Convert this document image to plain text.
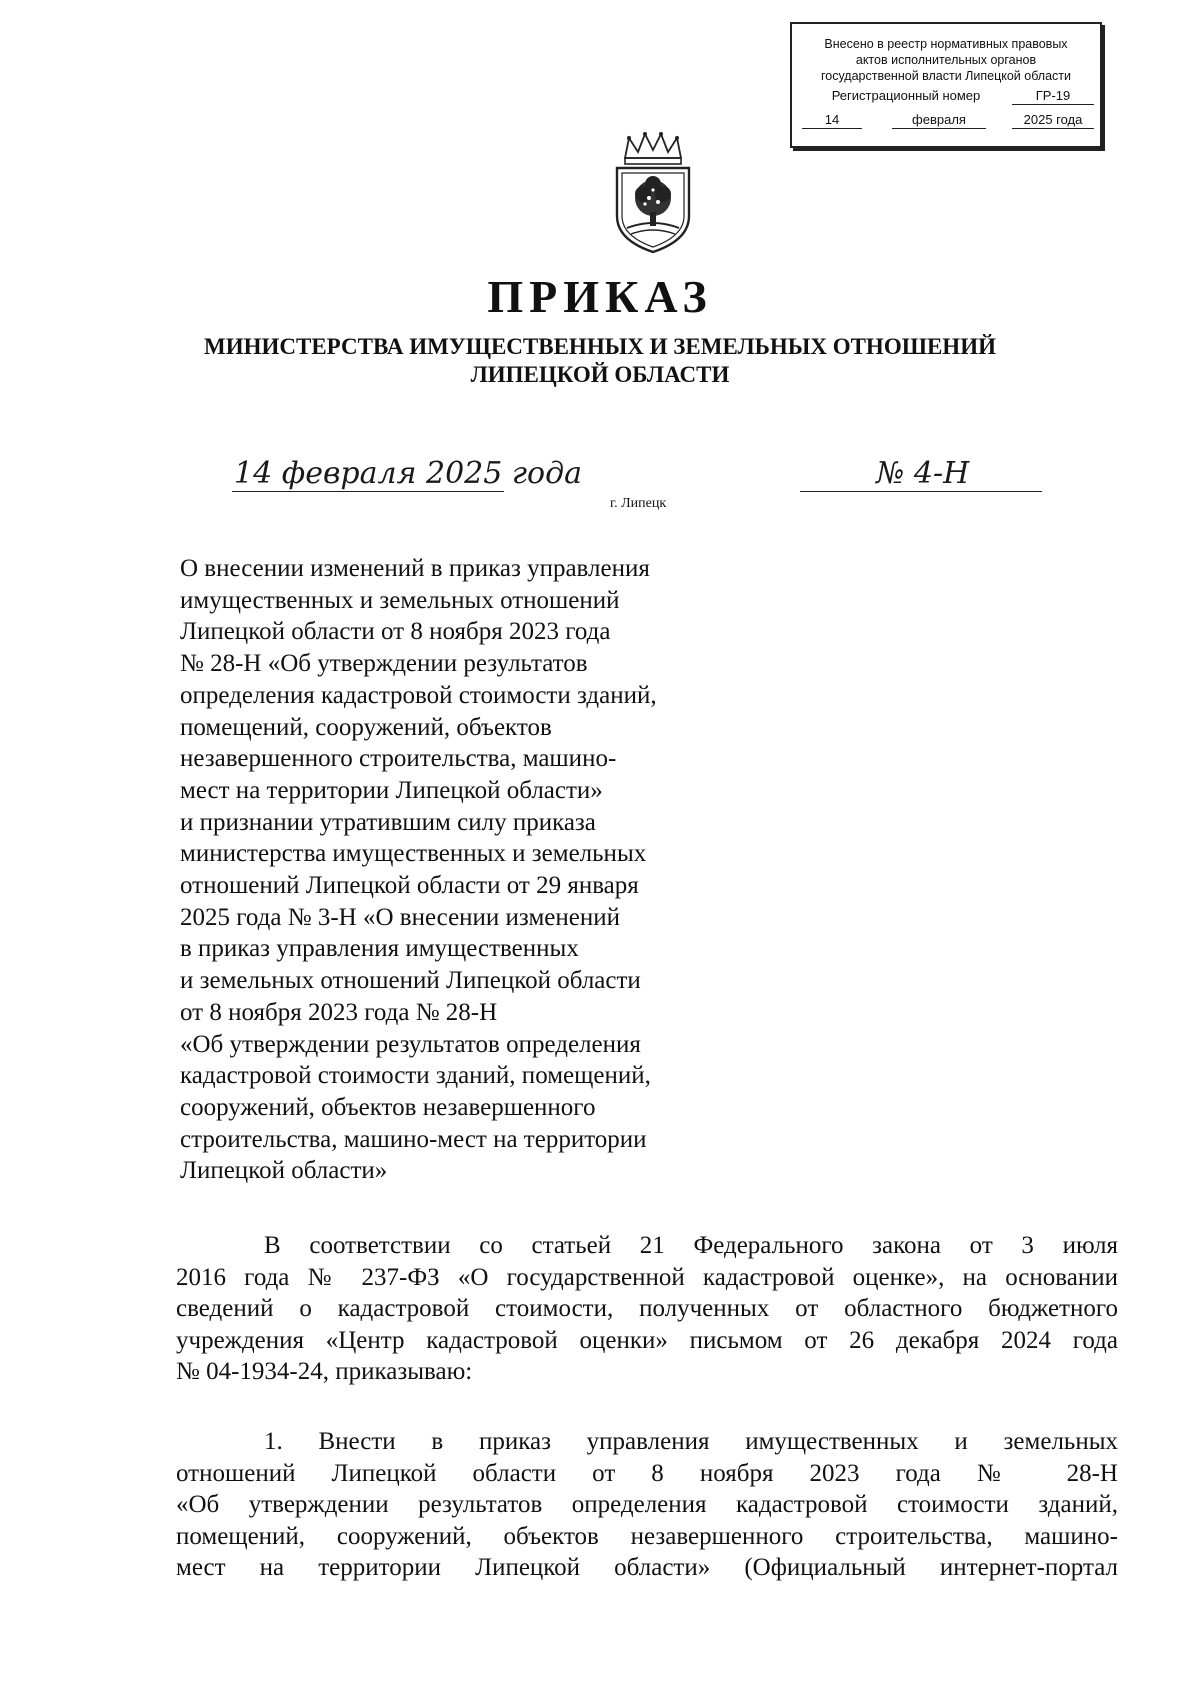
Внесено в реестр нормативных правовых
актов исполнительных органов
государственной власти Липецкой области
Регистрационный номер	ГР-19
14	февраля	2025 года
ПРИКАЗ
МИНИСТЕРСТВА ИМУЩЕСТВЕННЫХ И ЗЕМЕЛЬНЫХ ОТНОШЕНИЙ
ЛИПЕЦКОЙ ОБЛАСТИ
14 февраля 2025 года
г. Липецк
№ 4-Н
О внесении изменений в приказ управления
имущественных и земельных отношений
Липецкой области от 8 ноября 2023 года
№ 28-Н «Об утверждении результатов
определения кадастровой стоимости зданий,
помещений, сооружений, объектов
незавершенного строительства, машино-
мест на территории Липецкой области»
и признании утратившим силу приказа
министерства имущественных и земельных
отношений Липецкой области от 29 января
2025 года № 3-Н «О внесении изменений
в приказ управления имущественных
и земельных отношений Липецкой области
от 8 ноября 2023 года № 28-Н
«Об утверждении результатов определения
кадастровой стоимости зданий, помещений,
сооружений, объектов незавершенного
строительства, машино-мест на территории
Липецкой области»
В соответствии со статьей 21 Федерального закона от 3 июля
2016 года № 237-ФЗ «О государственной кадастровой оценке», на основании
сведений о кадастровой стоимости, полученных от областного бюджетного
учреждения «Центр кадастровой оценки» письмом от 26 декабря 2024 года
№ 04-1934-24, приказываю:
1. Внести в приказ управления имущественных и земельных
отношений Липецкой области от 8 ноября 2023 года № 28-Н
«Об утверждении результатов определения кадастровой стоимости зданий,
помещений, сооружений, объектов незавершенного строительства, машино-
мест на территории Липецкой области» (Официальный интернет-портал
